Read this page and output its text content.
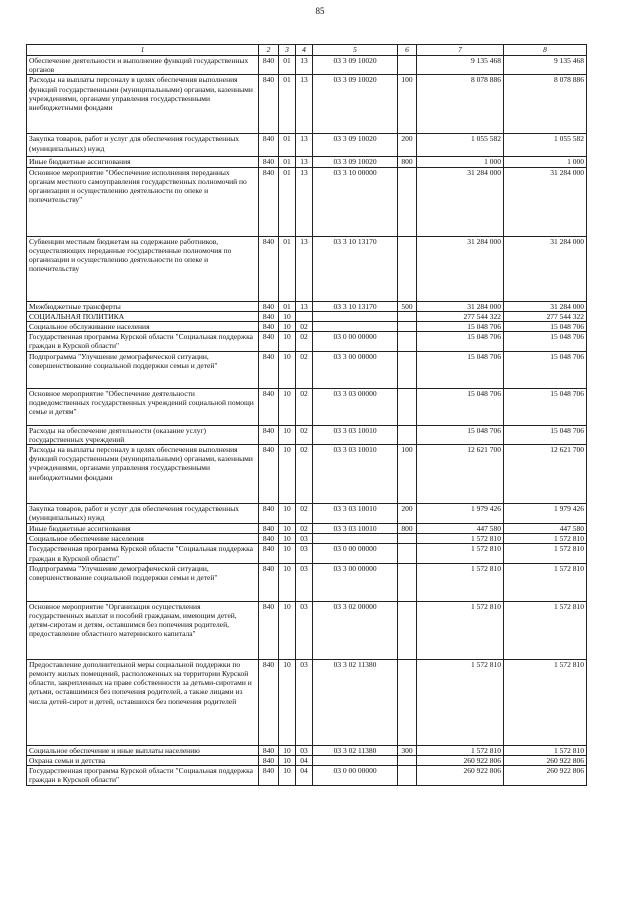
85
1	2	3	4	5	6	7	8
Обеспечение деятельности и выполнение функций государственных органов	840	01	13	03 3 09 10020		9 135 468	9 135 468
Расходы на выплаты персоналу в целях обеспечения выполнения функций государственными (муниципальными) органами, казенными учреждениями, органами управления государственными внебюджетными фондами	840	01	13	03 3 09 10020	100	8 078 886	8 078 886
Закупка товаров, работ и услуг для обеспечения государственных (муниципальных) нужд	840	01	13	03 3 09 10020	200	1 055 582	1 055 582
Иные бюджетные ассигнования	840	01	13	03 3 09 10020	800	1 000	1 000
Основное мероприятие "Обеспечение исполнения переданных органам местного самоуправления государственных полномочий по организации и осуществлению деятельности по опеке и попечительству"	840	01	13	03 3 10 00000		31 284 000	31 284 000
Субвенции местным бюджетам на содержание работников, осуществляющих переданные государственные полномочия по организации и осуществлению деятельности по опеке и попечительству	840	01	13	03 3 10 13170		31 284 000	31 284 000
Межбюджетные трансферты	840	01	13	03 3 10 13170	500	31 284 000	31 284 000
СОЦИАЛЬНАЯ ПОЛИТИКА	840	10				277 544 322	277 544 322
Социальное обслуживание населения	840	10	02			15 048 706	15 048 706
Государственная программа Курской области "Социальная поддержка граждан в Курской области"	840	10	02	03 0 00 00000		15 048 706	15 048 706
Подпрограмма "Улучшение демографической ситуации, совершенствование социальной поддержки семьи и детей"	840	10	02	03 3 00 00000		15 048 706	15 048 706
Основное мероприятие "Обеспечение деятельности подведомственных государственных учреждений социальной помощи семье и детям"	840	10	02	03 3 03 00000		15 048 706	15 048 706
Расходы на обеспечение деятельности (оказание услуг) государственных учреждений	840	10	02	03 3 03 10010		15 048 706	15 048 706
Расходы на выплаты персоналу в целях обеспечения выполнения функций государственными (муниципальными) органами, казенными учреждениями, органами управления государственными внебюджетными фондами	840	10	02	03 3 03 10010	100	12 621 700	12 621 700
Закупка товаров, работ и услуг для обеспечения государственных (муниципальных) нужд	840	10	02	03 3 03 10010	200	1 979 426	1 979 426
Иные бюджетные ассигнования	840	10	02	03 3 03 10010	800	447 580	447 580
Социальное обеспечение населения	840	10	03			1 572 810	1 572 810
Государственная программа Курской области "Социальная поддержка граждан в Курской области"	840	10	03	03 0 00 00000		1 572 810	1 572 810
Подпрограмма "Улучшение демографической ситуации, совершенствование социальной поддержки семьи и детей"	840	10	03	03 3 00 00000		1 572 810	1 572 810
Основное мероприятие "Организация осуществления государственных выплат и пособий гражданам, имеющим детей, детям-сиротам и детям, оставшимся без попечения родителей, предоставление областного материнского капитала"	840	10	03	03 3 02 00000		1 572 810	1 572 810
Предоставление дополнительной меры социальной поддержки по ремонту жилых помещений, расположенных на территории Курской области, закрепленных на праве собственности за детьми-сиротами и детьми, оставшимися без попечения родителей, а также лицами из числа детей-сирот и детей, оставшихся без попечения родителей	840	10	03	03 3 02 11380		1 572 810	1 572 810
Социальное обеспечение и иные выплаты населению	840	10	03	03 3 02 11380	300	1 572 810	1 572 810
Охрана семьи и детства	840	10	04			260 922 806	260 922 806
Государственная программа Курской области "Социальная поддержка граждан в Курской области"	840	10	04	03 0 00 00000		260 922 806	260 922 806
